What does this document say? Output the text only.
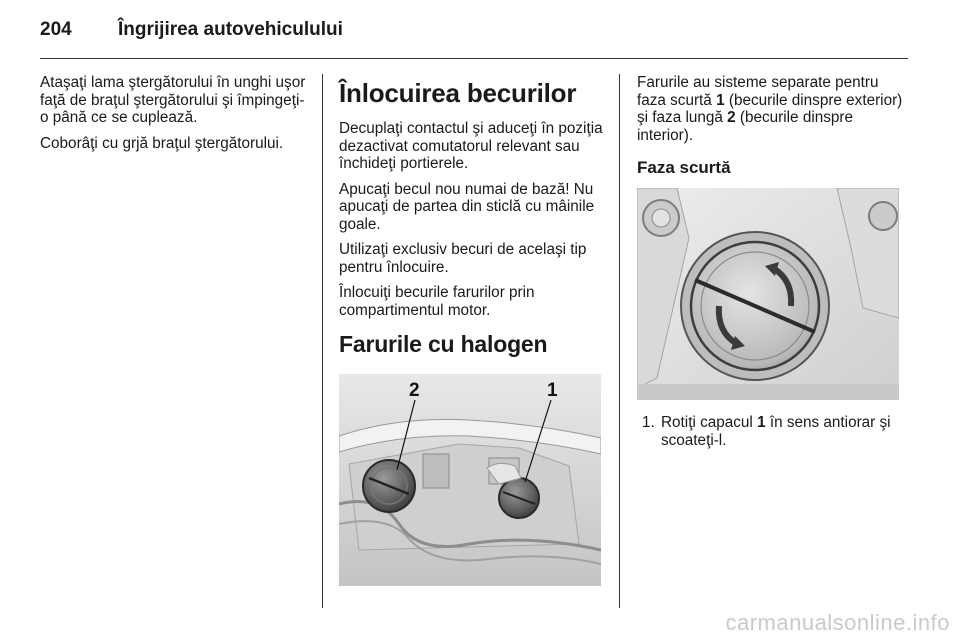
204 Îngrijirea autovehiculului

Ataşaţi lama ştergătorului în unghi uşor faţă de braţul ştergătorului şi împingeţi-o până ce se cuplează.

Coborâţi cu grjă braţul ştergătorului.

Înlocuirea becurilor

Decuplaţi contactul şi aduceţi în poziţia dezactivat comutatorul relevant sau închideţi portierele.

Apucaţi becul nou numai de bază! Nu apucaţi de partea din sticlă cu mâinile goale.

Utilizaţi exclusiv becuri de acelaşi tip pentru înlocuire.

Înlocuiţi becurile farurilor prin compartimentul motor.

Farurile cu halogen
2	1

Farurile au sisteme separate pentru faza scurtă 1 (becurile dinspre exterior) şi faza lungă 2 (becurile dinspre interior).

Faza scurtă
1. Rotiţi capacul 1 în sens antiorar şi scoateţi-l.
carmanualsonline.info
